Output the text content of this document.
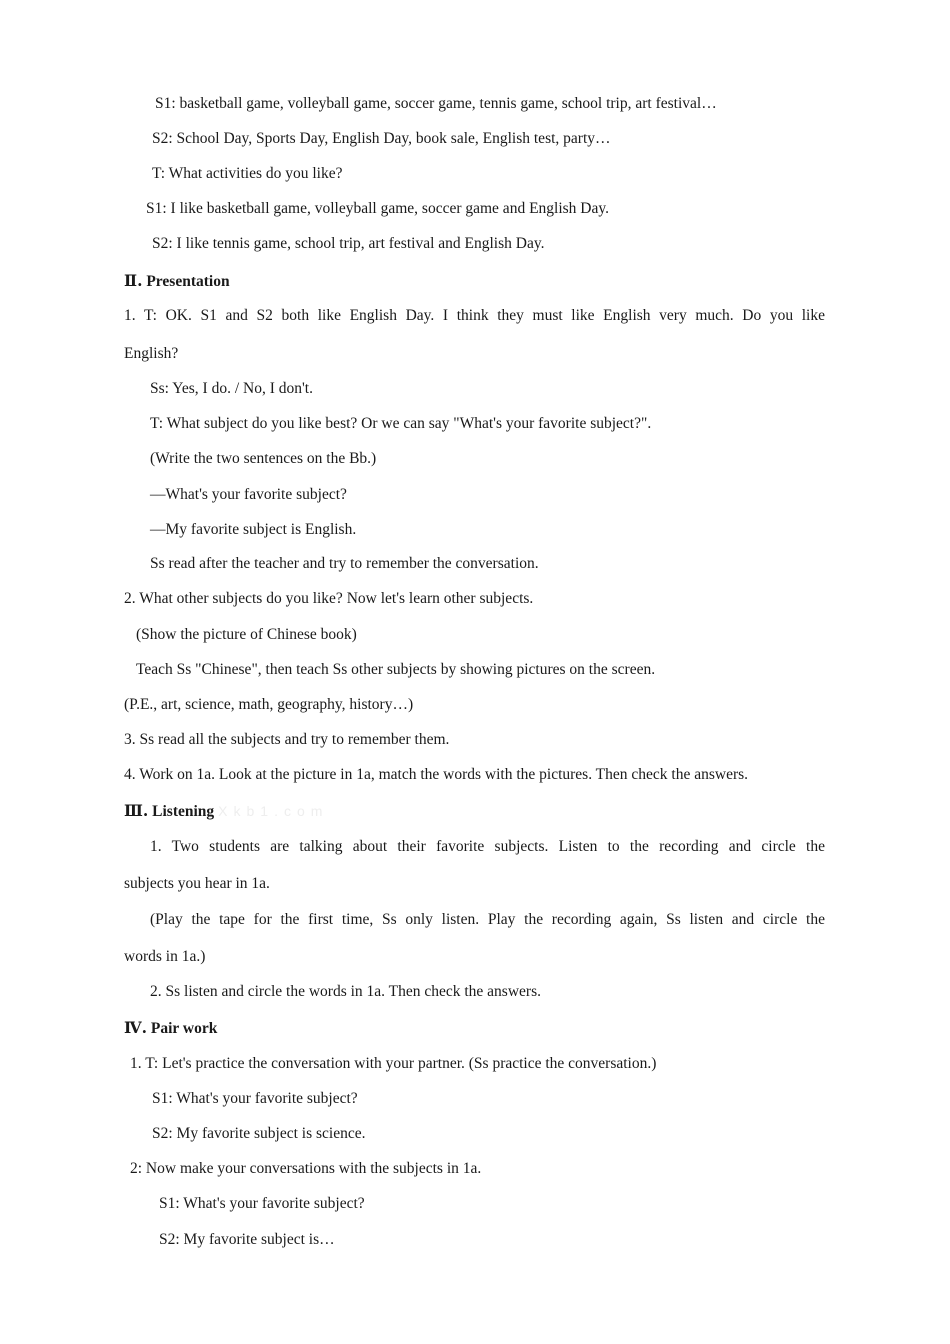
S1: basketball game, volleyball game, soccer game, tennis game, school trip, art festival…
S2: School Day, Sports Day, English Day, book sale, English test, party…
T: What activities do you like?
S1: I like basketball game, volleyball game, soccer game and English Day.
S2: I like tennis game, school trip, art festival and English Day.
Ⅱ. Presentation
1. T: OK. S1 and S2 both like English Day. I think they must like English very much. Do you like
English?
Ss: Yes, I do. / No, I don't.
T: What subject do you like best? Or we can say "What's your favorite subject?".
(Write the two sentences on the Bb.)
—What's your favorite subject?
—My favorite subject is English.
Ss read after the teacher and try to remember the conversation.
2. What other subjects do you like? Now let's learn other subjects.
(Show the picture of Chinese book)
Teach Ss "Chinese", then teach Ss other subjects by showing pictures on the screen.
(P.E., art, science, math, geography, history…)
3. Ss read all the subjects and try to remember them.
4. Work on 1a. Look at the picture in 1a, match the words with the pictures. Then check the answers.
Ⅲ. Listening Xkb1.com
1. Two students are talking about their favorite subjects. Listen to the recording and circle the
subjects you hear in 1a.
(Play the tape for the first time, Ss only listen. Play the recording again, Ss listen and circle the
words in 1a.)
2. Ss listen and circle the words in 1a. Then check the answers.
Ⅳ. Pair work
1. T: Let's practice the conversation with your partner. (Ss practice the conversation.)
S1: What's your favorite subject?
S2: My favorite subject is science.
2: Now make your conversations with the subjects in 1a.
S1: What's your favorite subject?
S2: My favorite subject is…
